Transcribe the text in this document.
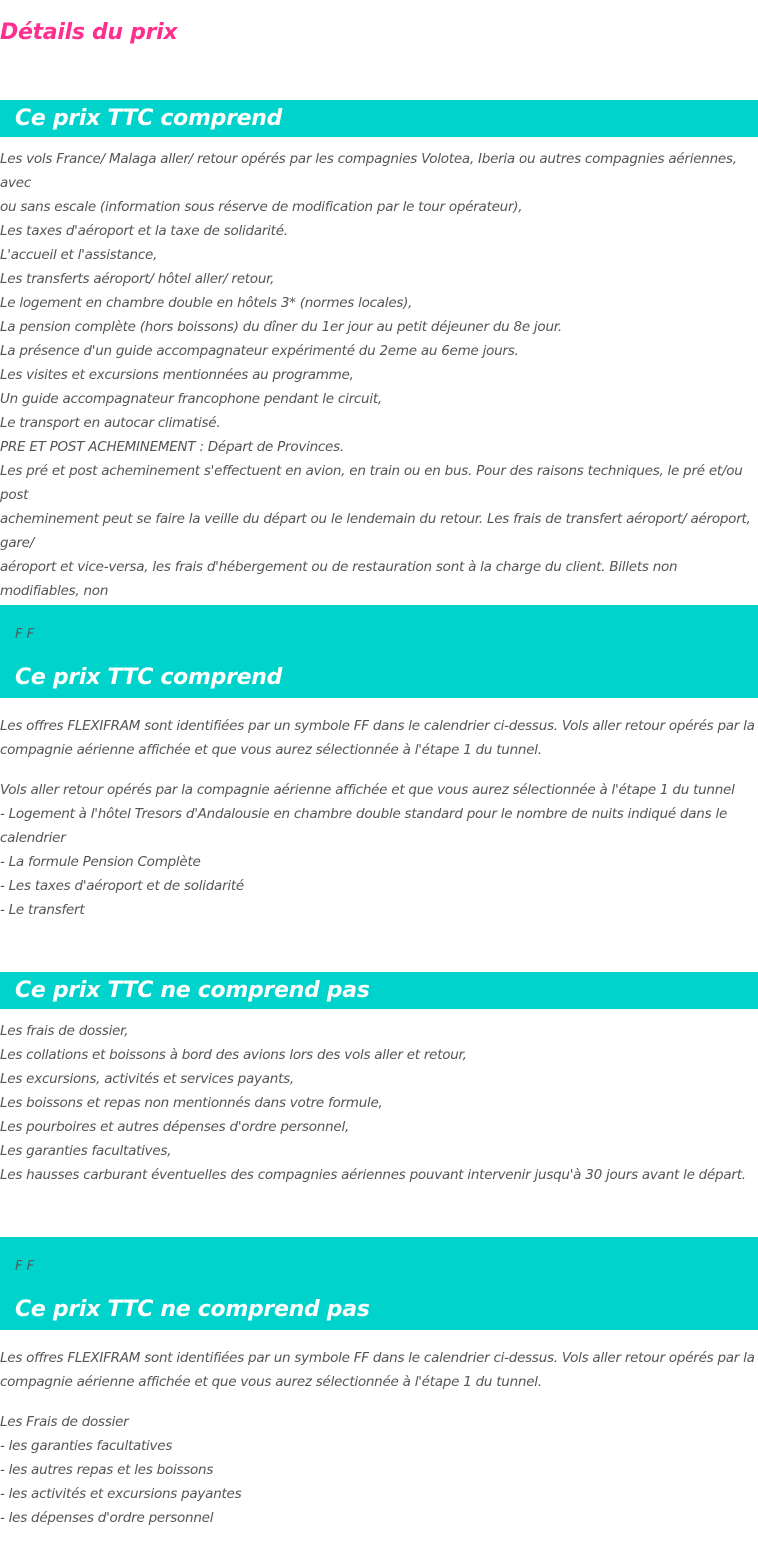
Détails du prix
Ce prix TTC comprend
Les vols France/ Malaga aller/ retour opérés par les compagnies Volotea, Iberia ou autres compagnies aériennes, avec
ou sans escale (information sous réserve de modification par le tour opérateur),
Les taxes d'aéroport et la taxe de solidarité.
L'accueil et l'assistance,
Les transferts aéroport/ hôtel aller/ retour,
Le logement en chambre double en hôtels 3* (normes locales),
La pension complète (hors boissons) du dîner du 1er jour au petit déjeuner du 8e jour.
La présence d'un guide accompagnateur expérimenté du 2eme au 6eme jours.
Les visites et excursions mentionnées au programme,
Un guide accompagnateur francophone pendant le circuit,
Le transport en autocar climatisé.
PRE ET POST ACHEMINEMENT : Départ de Provinces.
Les pré et post acheminement s'effectuent en avion, en train ou en bus. Pour des raisons techniques, le pré et/ou post
acheminement peut se faire la veille du départ ou le lendemain du retour. Les frais de transfert aéroport/ aéroport, gare/
aéroport et vice-versa, les frais d'hébergement ou de restauration sont à la charge du client. Billets non modifiables, non
F F
Ce prix TTC comprend
Les offres FLEXIFRAM sont identifiées par un symbole FF dans le calendrier ci-dessus. Vols aller retour opérés par la
compagnie aérienne affichée et que vous aurez sélectionnée à l'étape 1 du tunnel.
Vols aller retour opérés par la compagnie aérienne affichée et que vous aurez sélectionnée à l'étape 1 du tunnel
- Logement à l'hôtel Tresors d'Andalousie en chambre double standard pour le nombre de nuits indiqué dans le
calendrier
- La formule Pension Complète
- Les taxes d'aéroport et de solidarité
- Le transfert
Ce prix TTC ne comprend pas
Les frais de dossier,
Les collations et boissons à bord des avions lors des vols aller et retour,
Les excursions, activités et services payants,
Les boissons et repas non mentionnés dans votre formule,
Les pourboires et autres dépenses d'ordre personnel,
Les garanties facultatives,
Les hausses carburant éventuelles des compagnies aériennes pouvant intervenir jusqu'à 30 jours avant le départ.
F F
Ce prix TTC ne comprend pas
Les offres FLEXIFRAM sont identifiées par un symbole FF dans le calendrier ci-dessus. Vols aller retour opérés par la
compagnie aérienne affichée et que vous aurez sélectionnée à l'étape 1 du tunnel.
Les Frais de dossier
- les garanties facultatives
- les autres repas et les boissons
- les activités et excursions payantes
- les dépenses d'ordre personnel
